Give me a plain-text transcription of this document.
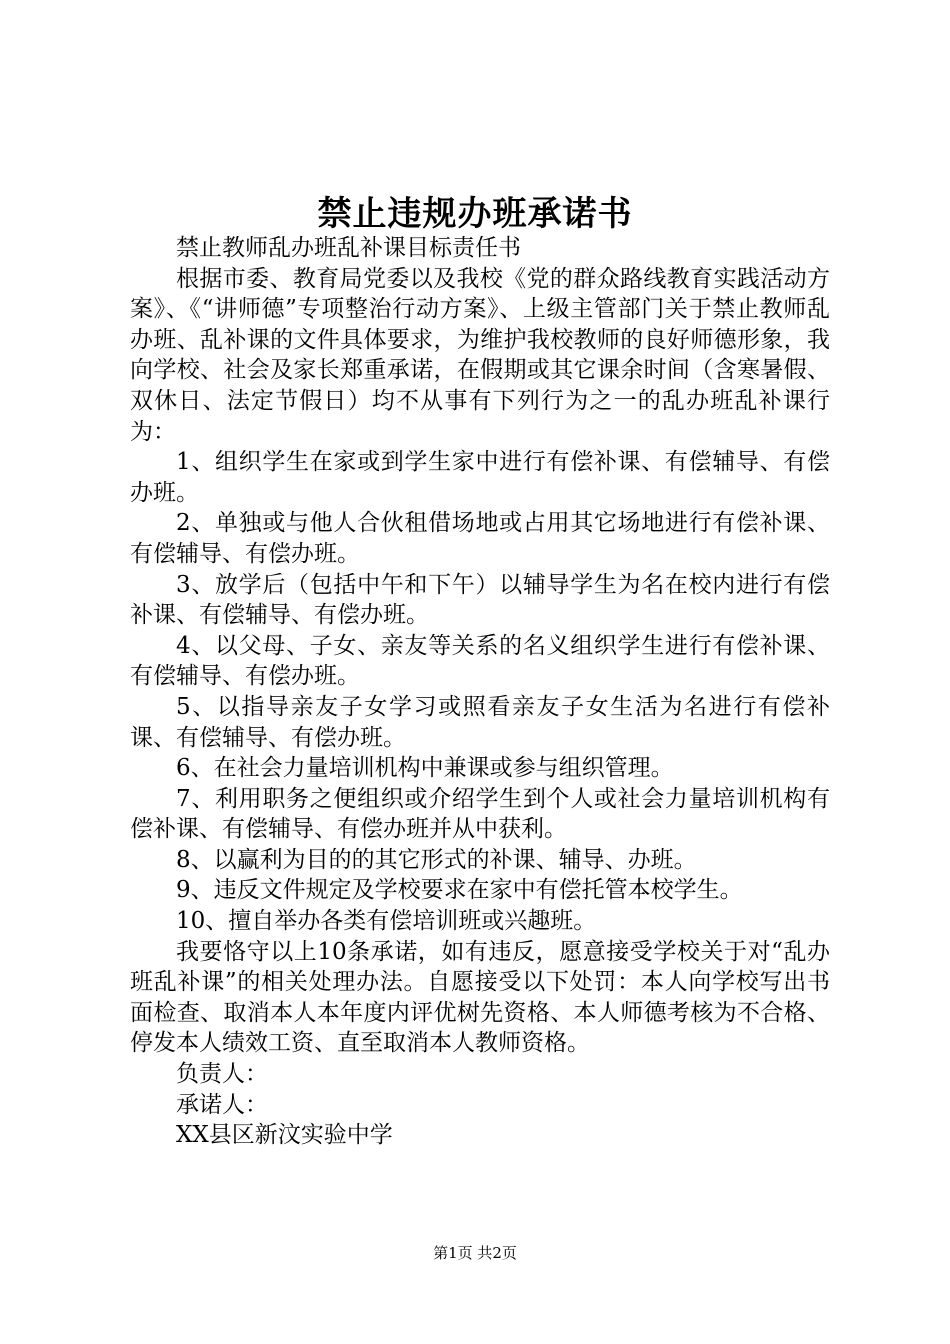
禁止违规办班承诺书

禁止教师乱办班乱补课目标责任书

根据市委、教育局党委以及我校《党的群众路线教育实践活动方案》、《“讲师德”专项整治行动方案》、上级主管部门关于禁止教师乱办班、乱补课的文件具体要求，为维护我校教师的良好师德形象，我向学校、社会及家长郑重承诺，在假期或其它课余时间（含寒暑假、双休日、法定节假日）均不从事有下列行为之一的乱办班乱补课行为：

1、组织学生在家或到学生家中进行有偿补课、有偿辅导、有偿办班。

2、单独或与他人合伙租借场地或占用其它场地进行有偿补课、有偿辅导、有偿办班。

3、放学后（包括中午和下午）以辅导学生为名在校内进行有偿补课、有偿辅导、有偿办班。

4、以父母、子女、亲友等关系的名义组织学生进行有偿补课、有偿辅导、有偿办班。

5、以指导亲友子女学习或照看亲友子女生活为名进行有偿补课、有偿辅导、有偿办班。

6、在社会力量培训机构中兼课或参与组织管理。

7、利用职务之便组织或介绍学生到个人或社会力量培训机构有偿补课、有偿辅导、有偿办班并从中获利。

8、以赢利为目的的其它形式的补课、辅导、办班。

9、违反文件规定及学校要求在家中有偿托管本校学生。

10、擅自举办各类有偿培训班或兴趣班。

我要恪守以上10条承诺，如有违反，愿意接受学校关于对“乱办班乱补课”的相关处理办法。自愿接受以下处罚：本人向学校写出书面检查、取消本人本年度内评优树先资格、本人师德考核为不合格、停发本人绩效工资、直至取消本人教师资格。

负责人：

承诺人：

XX县区新汶实验中学

第1页 共2页
